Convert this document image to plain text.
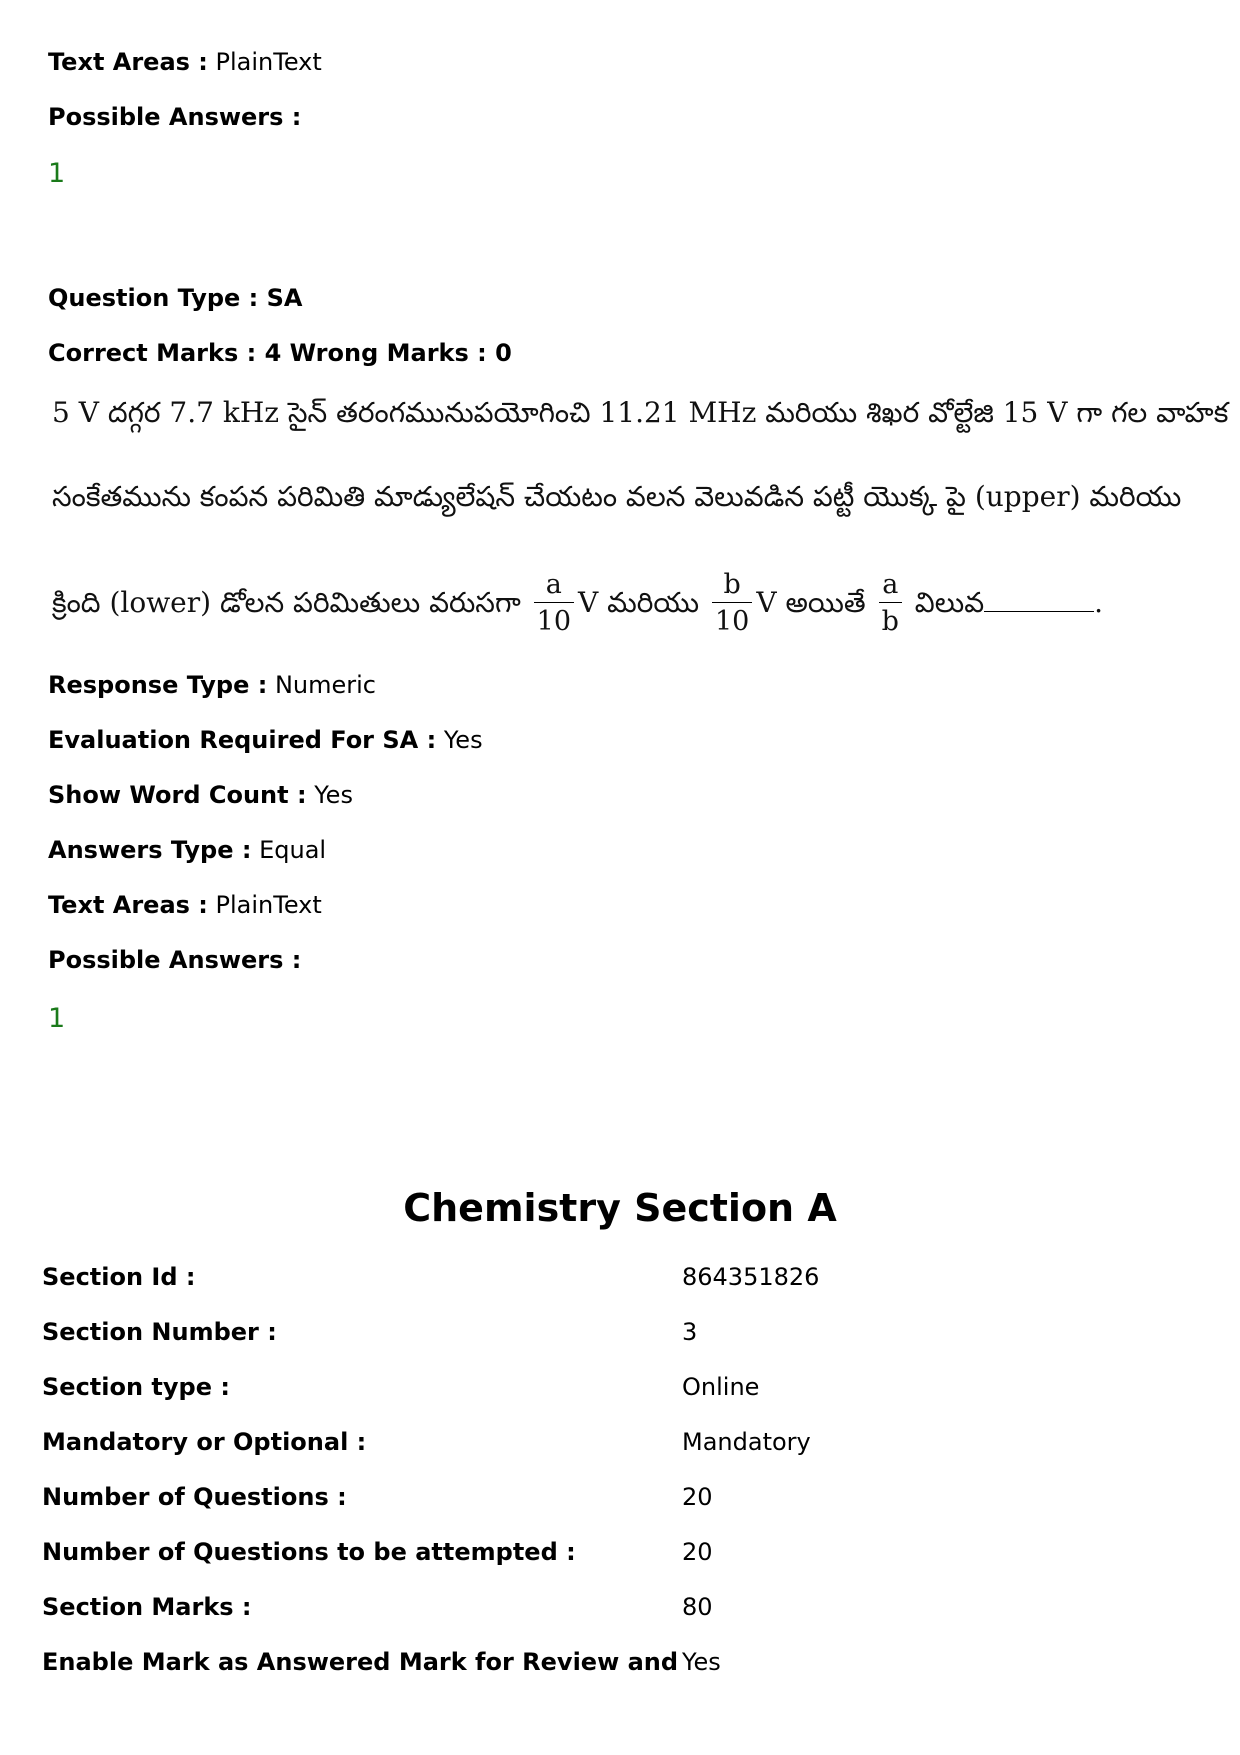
Text Areas : PlainText
Possible Answers :
1
Question Type : SA
Correct Marks : 4 Wrong Marks : 0
5 V దగ్గర 7.7 kHz సైన్ తరంగమునుపయోగించి 11.21 MHz మరియు శిఖర వోల్టేజి 15 V గా గల వాహక
సంకేతమును కంపన పరిమితి మాడ్యులేషన్ చేయటం వలన వెలువడిన పట్టీ యొక్క పై (upper) మరియు
క్రింది (lower) డోలన పరిమితులు వరుసగా $\frac{a}{10}$ V మరియు $\frac{b}{10}$ V అయితే $\frac{a}{b}$ విలువ	.
Response Type : Numeric
Evaluation Required For SA : Yes
Show Word Count : Yes
Answers Type : Equal
Text Areas : PlainText
Possible Answers :
1
Chemistry Section A
Section Id :	864351826
Section Number :	3
Section type :	Online
Mandatory or Optional :	Mandatory
Number of Questions :	20
Number of Questions to be attempted :	20
Section Marks :	80
Enable Mark as Answered Mark for Review and Yes
